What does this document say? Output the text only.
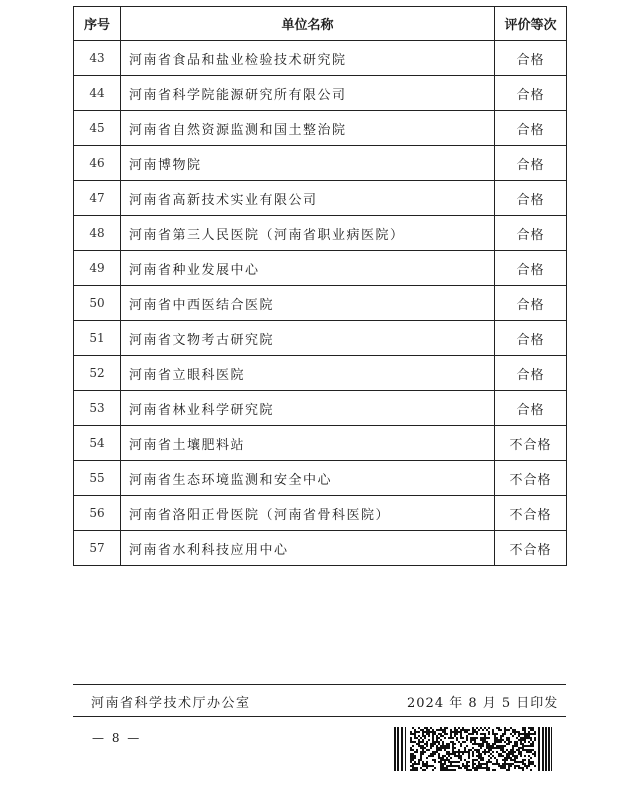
序号	单位名称	评价等次
43	河南省食品和盐业检验技术研究院	合格
44	河南省科学院能源研究所有限公司	合格
45	河南省自然资源监测和国土整治院	合格
46	河南博物院	合格
47	河南省高新技术实业有限公司	合格
48	河南省第三人民医院（河南省职业病医院）	合格
49	河南省种业发展中心	合格
50	河南省中西医结合医院	合格
51	河南省文物考古研究院	合格
52	河南省立眼科医院	合格
53	河南省林业科学研究院	合格
54	河南省土壤肥料站	不合格
55	河南省生态环境监测和安全中心	不合格
56	河南省洛阳正骨医院（河南省骨科医院）	不合格
57	河南省水利科技应用中心	不合格
河南省科学技术厅办公室	2024 年 8 月 5 日印发
— 8 —
